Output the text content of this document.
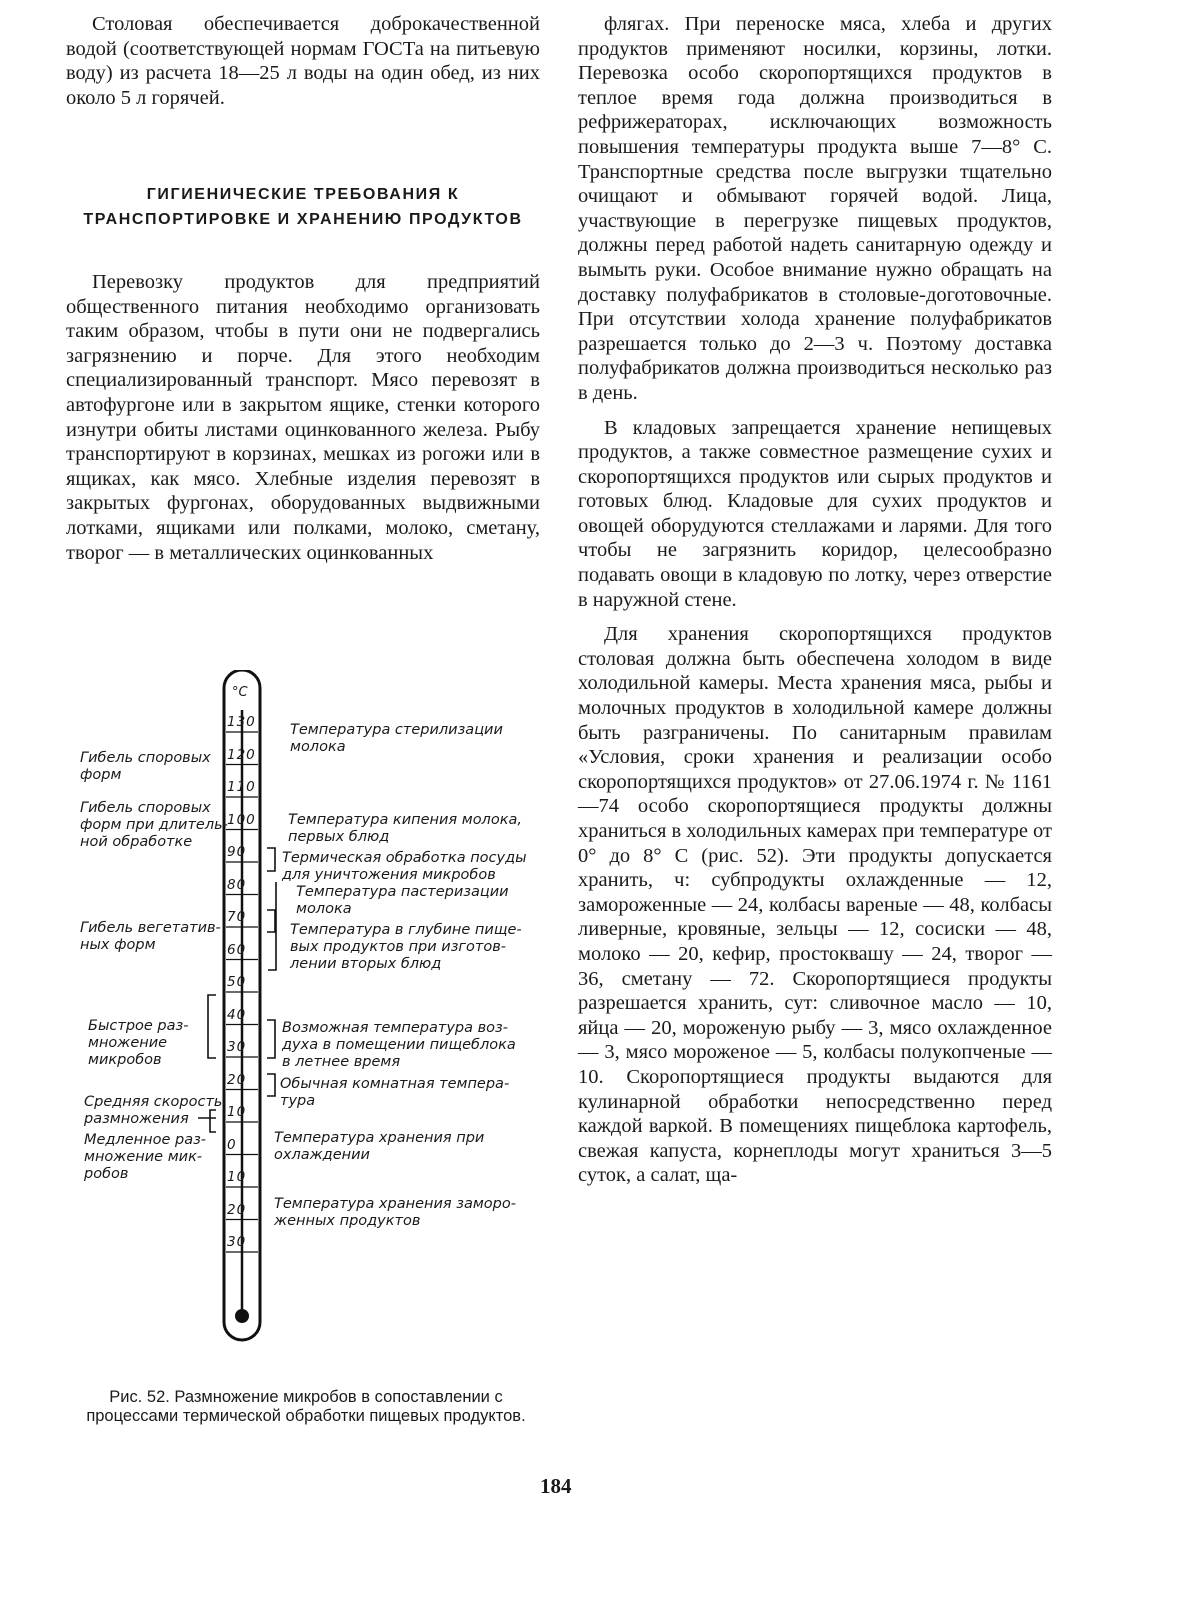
Столовая обеспечивается доброкачественной водой (соответствующей нормам ГОСТа на питьевую воду) из расчета 18—25 л воды на один обед, из них около 5 л горячей.

ГИГИЕНИЧЕСКИЕ ТРЕБОВАНИЯ К ТРАНСПОРТИРОВКЕ И ХРАНЕНИЮ ПРОДУКТОВ

Перевозку продуктов для предприятий общественного питания необходимо организовать таким образом, чтобы в пути они не подвергались загрязнению и порче. Для этого необходим специализированный транспорт. Мясо перевозят в автофургоне или в закрытом ящике, стенки которого изнутри обиты листами оцинкованного железа. Рыбу транспортируют в корзинах, мешках из рогожи или в ящиках, как мясо. Хлебные изделия перевозят в закрытых фургонах, оборудованных выдвижными лотками, ящиками или полками, молоко, сметану, творог — в металлических оцинкованных

флягах. При переноске мяса, хлеба и других продуктов применяют носилки, корзины, лотки. Перевозка особо скоропортящихся продуктов в теплое время года должна производиться в рефрижераторах, исключающих возможность повышения температуры продукта выше 7—8° С. Транспортные средства после выгрузки тщательно очищают и обмывают горячей водой. Лица, участвующие в перегрузке пищевых продуктов, должны перед работой надеть санитарную одежду и вымыть руки. Особое внимание нужно обращать на доставку полуфабрикатов в столовые-доготовочные. При отсутствии холода хранение полуфабрикатов разрешается только до 2—3 ч. Поэтому доставка полуфабрикатов должна производиться несколько раз в день.

В кладовых запрещается хранение непищевых продуктов, а также совместное размещение сухих и скоропортящихся продуктов или сырых продуктов и готовых блюд. Кладовые для сухих продуктов и овощей оборудуются стеллажами и ларями. Для того чтобы не загрязнить коридор, целесообразно подавать овощи в кладовую по лотку, через отверстие в наружной стене.

Для хранения скоропортящихся продуктов столовая должна быть обеспечена холодом в виде холодильной камеры. Места хранения мяса, рыбы и молочных продуктов в холодильной камере должны быть разграничены. По санитарным правилам «Условия, сроки хранения и реализации особо скоропортящихся продуктов» от 27.06.1974 г. № 1161—74 особо скоропортящиеся продукты должны храниться в холодильных камерах при температуре от 0° до 8° С (рис. 52). Эти продукты допускается хранить, ч: субпродукты охлажденные — 12, замороженные — 24, колбасы вареные — 48, колбасы ливерные, кровяные, зельцы — 12, сосиски — 48, молоко — 20, кефир, простоквашу — 24, творог — 36, сметану — 72. Скоропортящиеся продукты разрешается хранить, сут: сливочное масло — 10, яйца — 20, мороженую рыбу — 3, мясо охлажденное — 3, мясо мороженое — 5, колбасы полукопченые — 10. Скоропортящиеся продукты выдаются для кулинарной обработки непосредственно перед каждой варкой. В помещениях пищеблока картофель, свежая капуста, корнеплоды могут храниться 3—5 суток, а салат, ща-

°С
130
120
110
100
90
80
70
60
50
40
30
20
10
0
10
20
30
Гибель споровых
форм
Гибель споровых
форм при длитель-
ной обработке
Гибель вегетатив-
ных форм
Быстрое раз-
множение
микробов
Средняя скорость
размножения
Медленное раз-
множение мик-
робов
Температура стерилизации
молока
Температура кипения молока,
первых блюд
Термическая обработка посуды
для уничтожения микробов
Температура пастеризации
молока
Температура в глубине пище-
вых продуктов при изготов-
лении вторых блюд
Возможная температура воз-
духа в помещении пищеблока
в летнее время
Обычная комнатная темпера-
тура
Температура хранения при
охлаждении
Температура хранения заморо-
женных продуктов
Рис. 52. Размножение микробов в сопоставлении с процессами термической обработки пищевых продуктов.
184
